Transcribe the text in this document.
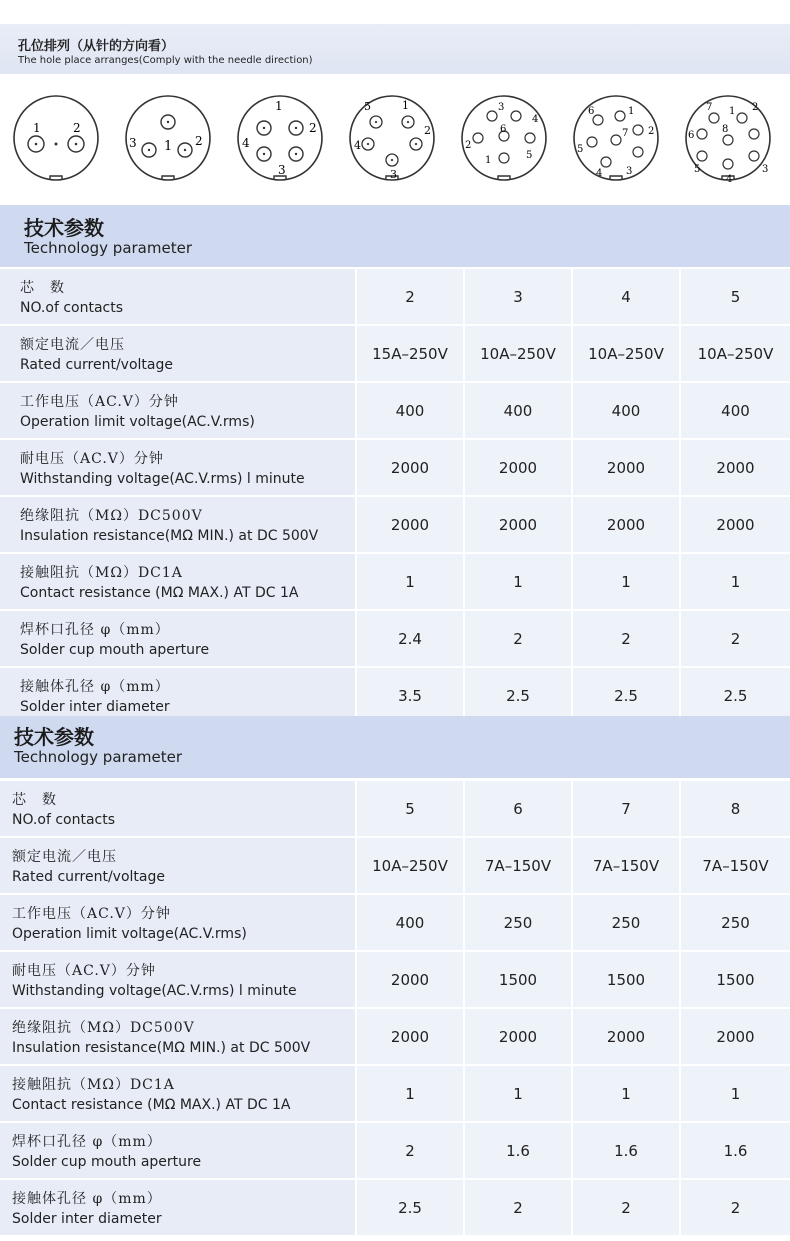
孔位排列（从针的方向看）
The hole place arranges(Comply with the needle direction)
1	2
1 2
3
1
2
3
4
1
2
3
4
5
1
2
3
4
5
6
1
2
3
4
5
6
7
1 2
3
4
5
6
7
8
技术参数
Technology parameter
芯　数
NO.of contacts	2	3	4	5

额定电流／电压
Rated current/voltage	15A–250V	10A–250V	10A–250V	10A–250V

工作电压（AC.V）分钟
Operation limit voltage(AC.V.rms)	400	400	400	400

耐电压（AC.V）分钟
Withstanding voltage(AC.V.rms) l minute	2000	2000	2000	2000

绝缘阻抗（MΩ）DC500V
Insulation resistance(MΩ MIN.) at DC 500V	2000	2000	2000	2000

接触阻抗（MΩ）DC1A
Contact resistance (MΩ MAX.) AT DC 1A	1	1	1	1

焊杯口孔径 φ（mm）
Solder cup mouth aperture	2.4	2	2	2

接触体孔径 φ（mm）
Solder inter diameter	3.5	2.5	2.5	2.5
技术参数
Technology parameter
芯　数
NO.of contacts	5	6	7	8

额定电流／电压
Rated current/voltage	10A–250V	7A–150V	7A–150V	7A–150V

工作电压（AC.V）分钟
Operation limit voltage(AC.V.rms)	400	250	250	250

耐电压（AC.V）分钟
Withstanding voltage(AC.V.rms) l minute	2000	1500	1500	1500

绝缘阻抗（MΩ）DC500V
Insulation resistance(MΩ MIN.) at DC 500V	2000	2000	2000	2000

接触阻抗（MΩ）DC1A
Contact resistance (MΩ MAX.) AT DC 1A	1	1	1	1

焊杯口孔径 φ（mm）
Solder cup mouth aperture	2	1.6	1.6	1.6

接触体孔径 φ（mm）
Solder inter diameter	2.5	2	2	2
